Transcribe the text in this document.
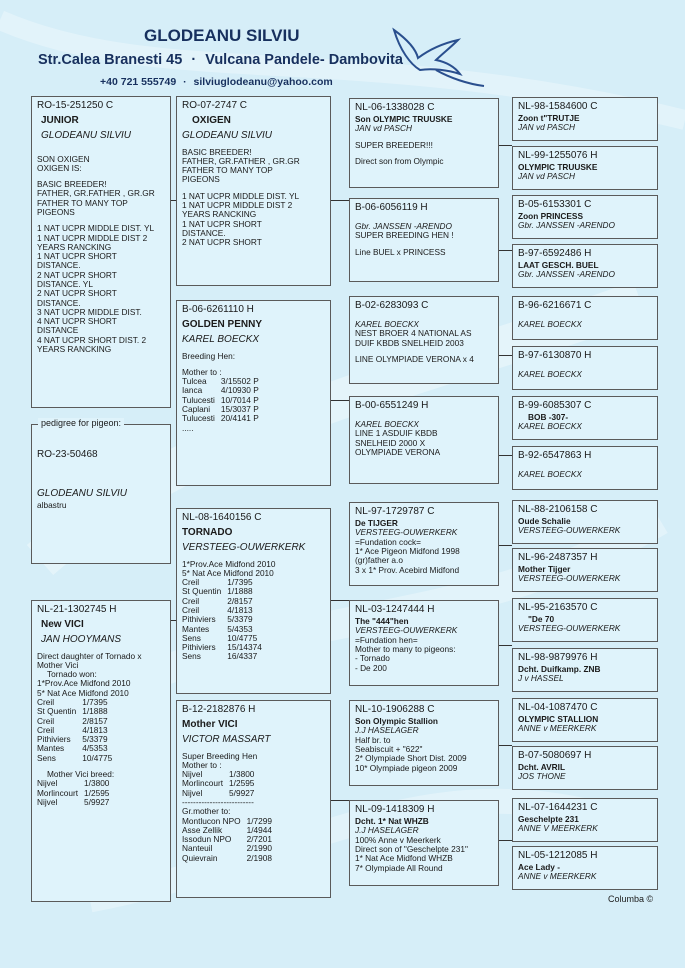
GLODEANU SILVIU
Str.Calea Branesti 45 · Vulcana Pandele- Dambovita
+40 721 555749 · silviuglodeanu@yahoo.com
RO-15-251250 C
JUNIOR
GLODEANU SILVIU
SON OXIGEN
OXIGEN IS:
BASIC BREEDER!
FATHER, GR.FATHER , GR.GR
FATHER TO MANY TOP
PIGEONS
1 NAT UCPR MIDDLE DIST. YL
1 NAT UCPR MIDDLE DIST 2
YEARS RANCKING
1 NAT UCPR SHORT
DISTANCE.
2 NAT UCPR SHORT
DISTANCE. YL
2 NAT UCPR SHORT
DISTANCE.
3 NAT UCPR MIDDLE DIST.
4 NAT UCPR SHORT
DISTANCE
4 NAT UCPR SHORT DIST. 2
YEARS RANCKING
RO-23-50468
GLODEANU SILVIU
albastru
pedigree for pigeon:
NL-21-1302745 H
New VICI
JAN HOOYMANS
Direct daughter of Tornado x
Mother Vici
Tornado won:
1*Prov.Ace Midfond 2010
5* Nat Ace Midfond 2010
Creil	1/7395
St Quentin	1/1888
Creil	2/8157
Creil	4/1813
Pithiviers	5/3379
Mantes	4/5353
Sens	10/4775
Mother Vici breed:
Nijvel	1/3800
Morlincourt	1/2595
Nijvel	5/9927
RO-07-2747 C
OXIGEN
GLODEANU SILVIU
BASIC BREEDER!
FATHER, GR.FATHER , GR.GR
FATHER TO MANY TOP
PIGEONS
1 NAT UCPR MIDDLE DIST. YL
1 NAT UCPR MIDDLE DIST 2
YEARS RANCKING
1 NAT UCPR SHORT
DISTANCE.
2 NAT UCPR SHORT
B-06-6261110 H
GOLDEN PENNY
KAREL BOECKX
Breeding Hen:
Mother to :
Tulcea	3/15502 P
Ianca	4/10930 P
Tulucesti	10/7014 P
Caplani	15/3037 P
Tulucesti	20/4141 P
.....
NL-08-1640156 C
TORNADO
VERSTEEG-OUWERKERK
1*Prov.Ace Midfond 2010
5* Nat Ace Midfond 2010
Creil	1/7395
St Quentin	1/1888
Creil	2/8157
Creil	4/1813
Pithiviers	5/3379
Mantes	5/4353
Sens	10/4775
Pithiviers	15/14374
Sens	16/4337
B-12-2182876 H
Mother VICI
VICTOR MASSART
Super Breeding Hen
Mother to :
Nijvel	1/3800
Morlincourt	1/2595
Nijvel	5/9927
--------------------------
Gr.mother to:
Montlucon NPO	1/7299
Asse Zellik	1/4944
Issodun NPO	2/7201
Nanteuil	2/1990
Quievrain	2/1908
NL-06-1338028 C
Son OLYMPIC TRUUSKE
JAN vd PASCH
SUPER BREEDER!!!
Direct son from Olympic
B-06-6056119 H
Gbr. JANSSEN -ARENDO
SUPER BREEDING HEN !
Line BUEL x PRINCESS
B-02-6283093 C
KAREL BOECKX
NEST BROER 4 NATIONAL AS
DUIF KBDB SNELHEID 2003
LINE OLYMPIADE VERONA x 4
B-00-6551249 H
KAREL BOECKX
LINE 1 ASDUIF KBDB
SNELHEID 2000 X
OLYMPIADE VERONA
NL-97-1729787 C
De TIJGER
VERSTEEG-OUWERKERK
=Fundation cock=
1* Ace Pigeon Midfond 1998
(gr)father a.o
3 x 1* Prov. Acebird Midfond
NL-03-1247444 H
The "444"hen
VERSTEEG-OUWERKERK
=Fundation hen=
Mother to many to pigeons:
- Tornado
- De 200
NL-10-1906288 C
Son Olympic Stallion
J.J HASELAGER
Half br. to
Seabiscuit + "622"
2* Olympiade Short Dist. 2009
10* Olympiade pigeon 2009
NL-09-1418309 H
Dcht. 1* Nat WHZB
J.J HASELAGER
100% Anne v Meerkerk
Direct son of "Geschelpte 231"
1* Nat Ace Midfond WHZB
7* Olympiade All Round
NL-98-1584600 C
Zoon t"TRUTJE
JAN vd PASCH
NL-99-1255076 H
OLYMPIC TRUUSKE
JAN vd PASCH
B-05-6153301 C
Zoon PRINCESS
Gbr. JANSSEN -ARENDO
B-97-6592486 H
LAAT GESCH. BUEL
Gbr. JANSSEN -ARENDO
B-96-6216671 C
KAREL BOECKX
B-97-6130870 H
KAREL BOECKX
B-99-6085307 C
BOB -307-
KAREL BOECKX
B-92-6547863 H
KAREL BOECKX
NL-88-2106158 C
Oude Schalie
VERSTEEG-OUWERKERK
NL-96-2487357 H
Mother Tijger
VERSTEEG-OUWERKERK
NL-95-2163570 C
"De 70
VERSTEEG-OUWERKERK
NL-98-9879976 H
Dcht. Duifkamp. ZNB
J v HASSEL
NL-04-1087470 C
OLYMPIC STALLION
ANNE v MEERKERK
B-07-5080697 H
Dcht. AVRIL
JOS THONE
NL-07-1644231 C
Geschelpte 231
ANNE V MEERKERK
NL-05-1212085 H
Ace Lady -
ANNE v MEERKERK
Columba ©
